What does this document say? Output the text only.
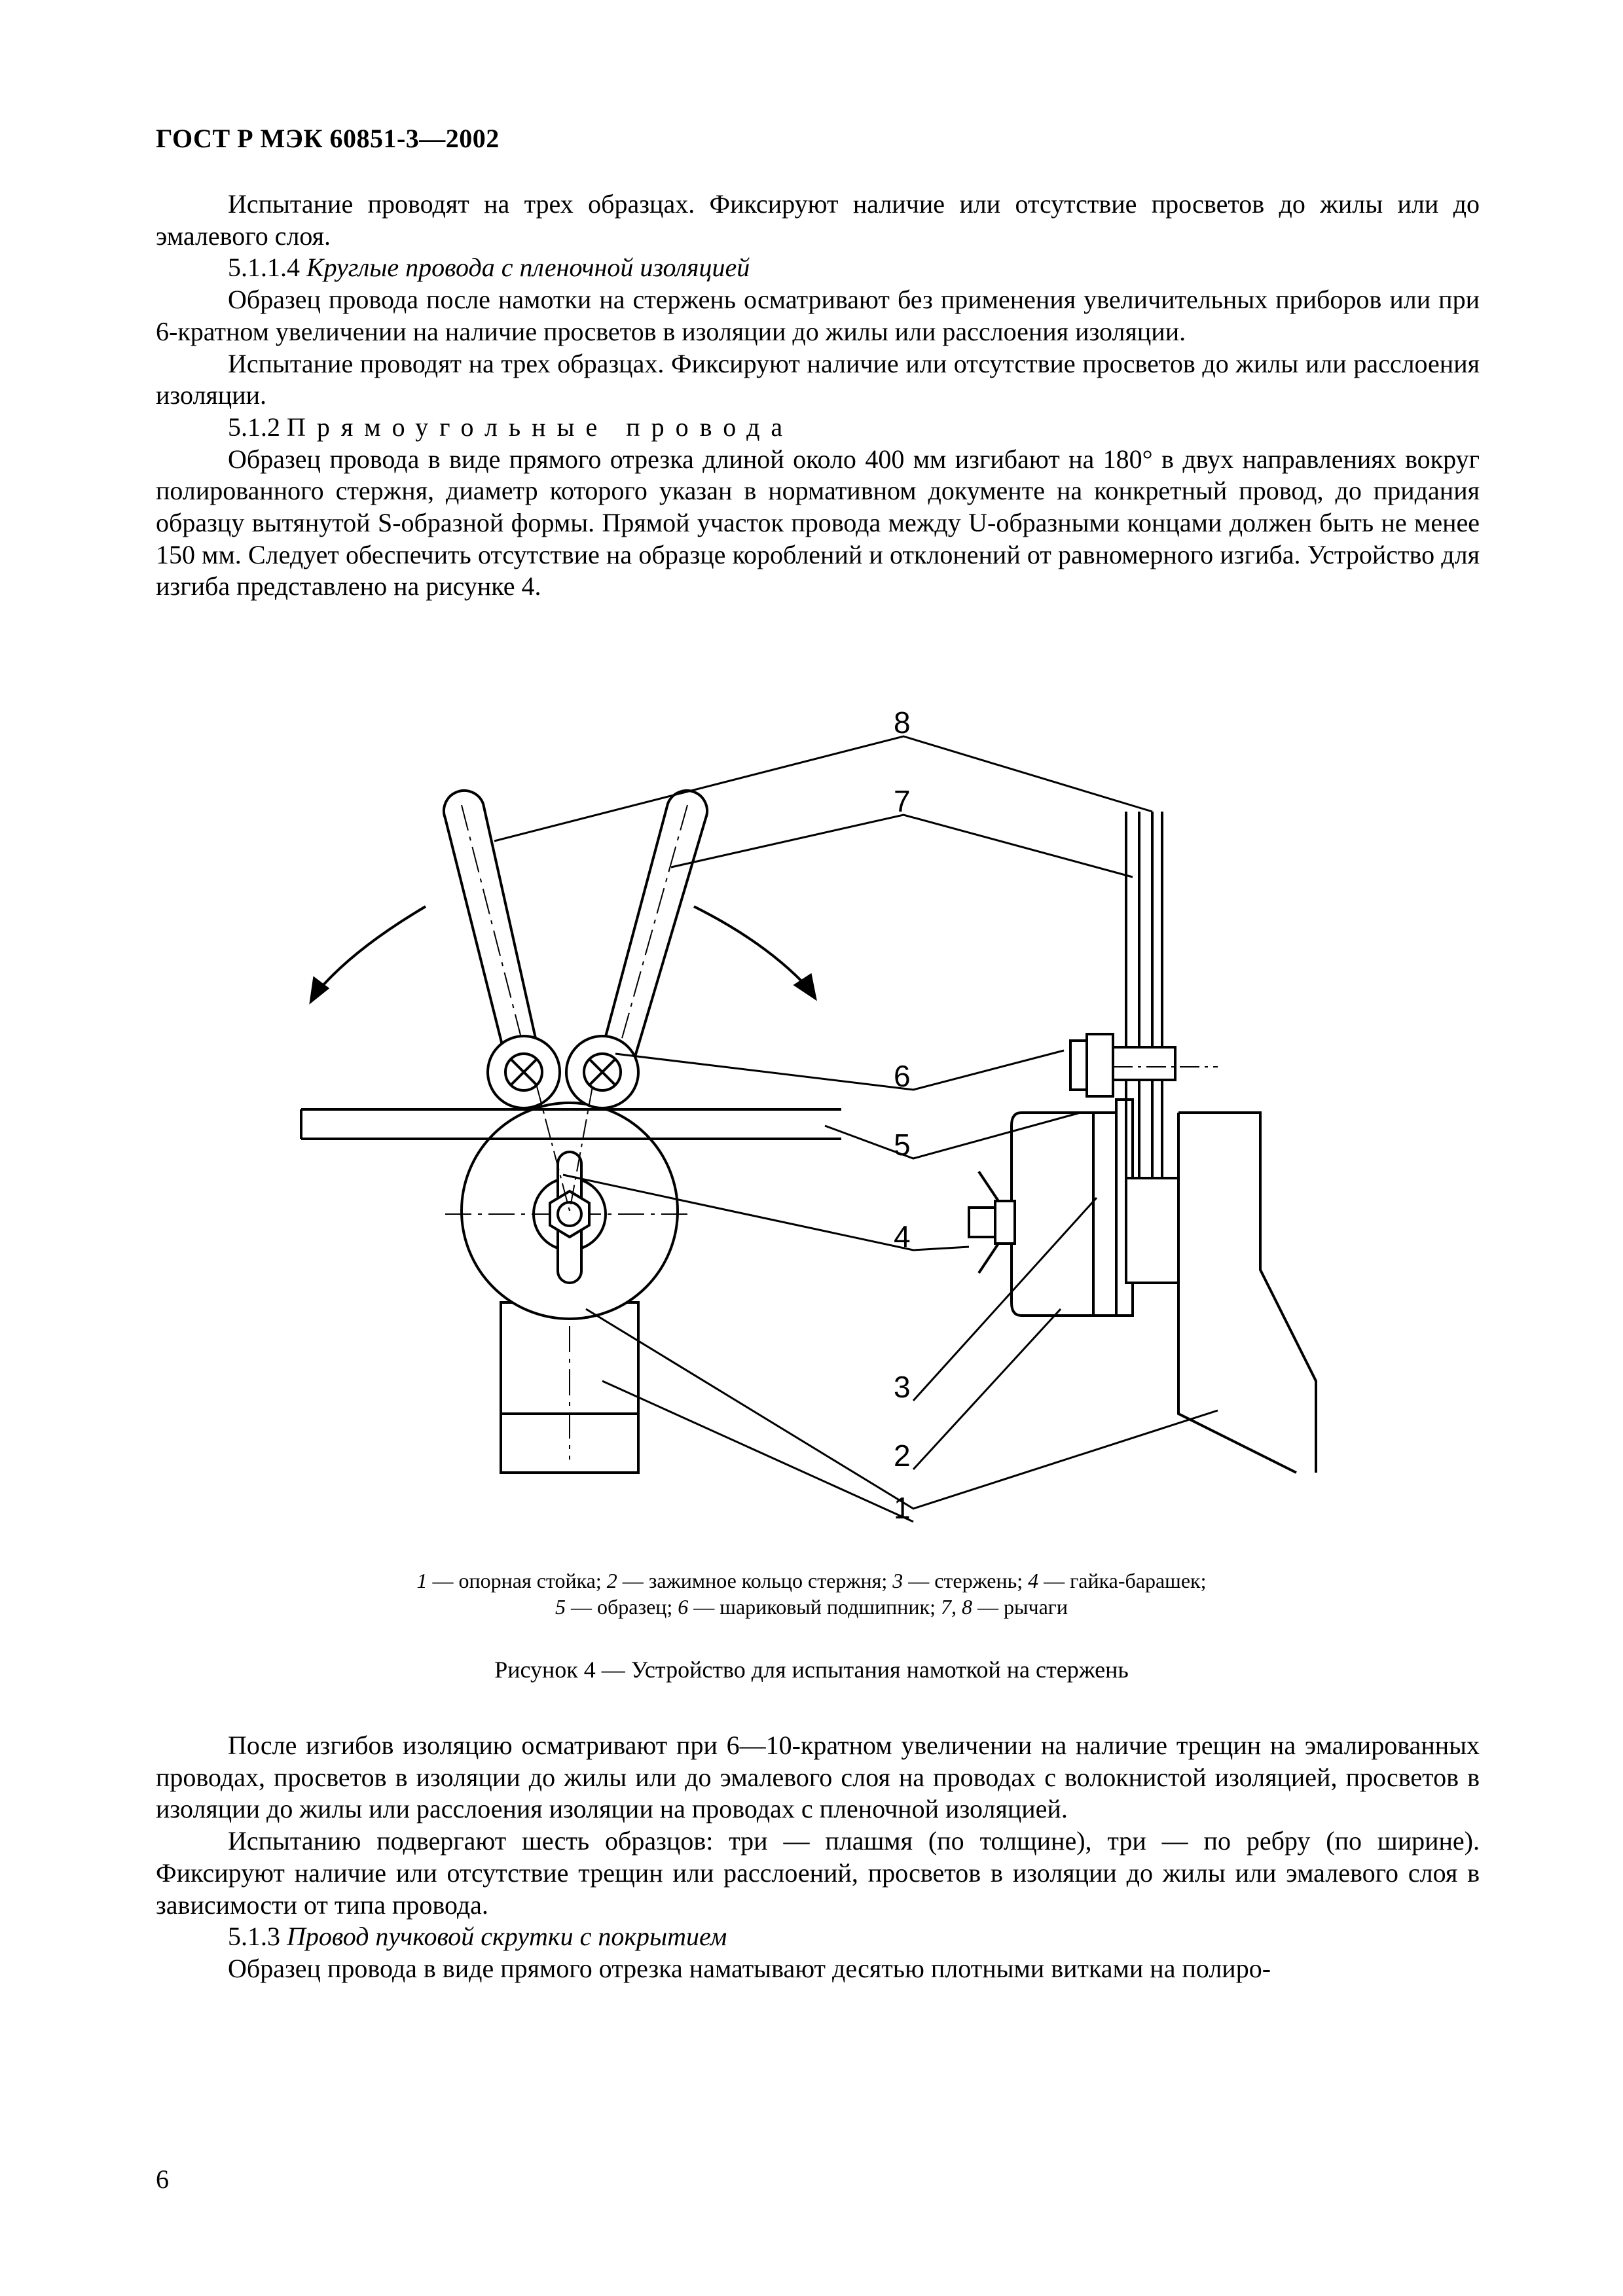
ГОСТ Р МЭК 60851-3—2002

Испытание проводят на трех образцах. Фиксируют наличие или отсутствие просветов до жилы или до эмалевого слоя.

5.1.1.4 Круглые провода с пленочной изоляцией

Образец провода после намотки на стержень осматривают без применения увеличительных приборов или при 6-кратном увеличении на наличие просветов в изоляции до жилы или расслоения изоляции.

Испытание проводят на трех образцах. Фиксируют наличие или отсутствие просветов до жилы или расслоения изоляции.

5.1.2 Прямоугольные провода

Образец провода в виде прямого отрезка длиной около 400 мм изгибают на 180° в двух направлениях вокруг полированного стержня, диаметр которого указан в нормативном документе на конкретный провод, до придания образцу вытянутой S-образной формы. Прямой участок провода между U-образными концами должен быть не менее 150 мм. Следует обеспечить отсутствие на образце короблений и отклонений от равномерного изгиба. Устройство для изгиба представлено на рисунке 4.

8
7
6
5
4
3
2
1
1 — опорная стойка; 2 — зажимное кольцо стержня; 3 — стержень; 4 — гайка-барашек;
5 — образец; 6 — шариковый подшипник; 7, 8 — рычаги
Рисунок 4 — Устройство для испытания намоткой на стержень

После изгибов изоляцию осматривают при 6—10-кратном увеличении на наличие трещин на эмалированных проводах, просветов в изоляции до жилы или до эмалевого слоя на проводах с волокнистой изоляцией, просветов в изоляции до жилы или расслоения изоляции на проводах с пленочной изоляцией.

Испытанию подвергают шесть образцов: три — плашмя (по толщине), три — по ребру (по ширине). Фиксируют наличие или отсутствие трещин или расслоений, просветов в изоляции до жилы или эмалевого слоя в зависимости от типа провода.

5.1.3 Провод пучковой скрутки с покрытием

Образец провода в виде прямого отрезка наматывают десятью плотными витками на полиро-

6
